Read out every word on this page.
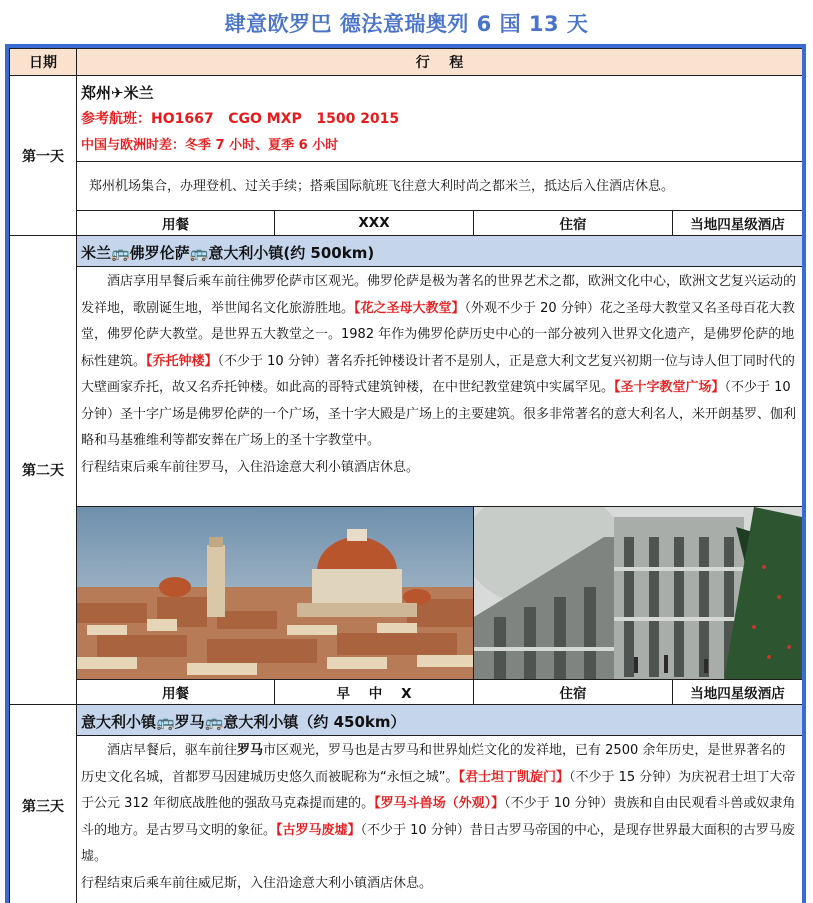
肆意欧罗巴 德法意瑞奥列 6 国 13 天
日期	行    程
第一天
郑州✈米兰
参考航班：HO1667   CGO MXP   1500 2015
中国与欧洲时差：冬季 7 小时、夏季 6 小时
郑州机场集合，办理登机、过关手续；搭乘国际航班飞往意大利时尚之都米兰，抵达后入住酒店休息。
用餐	XXX	住宿	当地四星级酒店
第二天
米兰🚌佛罗伦萨🚌意大利小镇(约 500km)

酒店享用早餐后乘车前往佛罗伦萨市区观光。佛罗伦萨是极为著名的世界艺术之都，欧洲文化中心，欧洲文艺复兴运动的发祥地，歌剧诞生地，举世闻名文化旅游胜地。【花之圣母大教堂】（外观不少于 20 分钟）花之圣母大教堂又名圣母百花大教堂，佛罗伦萨大教堂。是世界五大教堂之一。1982 年作为佛罗伦萨历史中心的一部分被列入世界文化遗产，是佛罗伦萨的地标性建筑。【乔托钟楼】（不少于 10 分钟）著名乔托钟楼设计者不是别人，正是意大利文艺复兴初期一位与诗人但丁同时代的大壁画家乔托，故又名乔托钟楼。如此高的哥特式建筑钟楼，在中世纪教堂建筑中实属罕见。【圣十字教堂广场】（不少于 10 分钟）圣十字广场是佛罗伦萨的一个广场，圣十字大殿是广场上的主要建筑。很多非常著名的意大利名人，米开朗基罗、伽利略和马基雅维利等都安葬在广场上的圣十字教堂中。

行程结束后乘车前往罗马，入住沿途意大利小镇酒店休息。

用餐	早    中    X	住宿	当地四星级酒店
第三天
意大利小镇🚌罗马🚌意大利小镇（约 450km）

酒店早餐后，驱车前往罗马市区观光，罗马也是古罗马和世界灿烂文化的发祥地，已有 2500 余年历史，是世界著名的历史文化名城，首都罗马因建城历史悠久而被昵称为“永恒之城”。【君士坦丁凯旋门】（不少于 15 分钟）为庆祝君士坦丁大帝于公元 312 年彻底战胜他的强敌马克森提而建的。【罗马斗兽场（外观）】（不少于 10 分钟）贵族和自由民观看斗兽或奴隶角斗的地方。是古罗马文明的象征。【古罗马废墟】（不少于 10 分钟）昔日古罗马帝国的中心，是现存世界最大面积的古罗马废墟。

行程结束后乘车前往威尼斯，入住沿途意大利小镇酒店休息。
